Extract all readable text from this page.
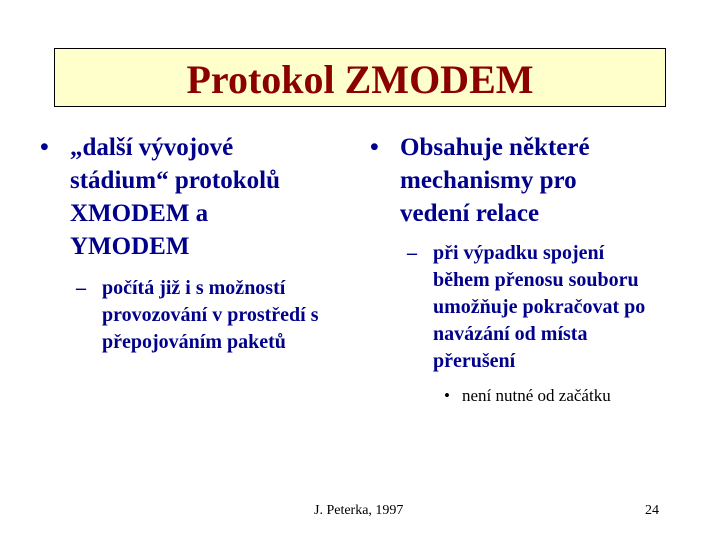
Protokol ZMODEM
• „další vývojové stádium“ protokolů XMODEM a YMODEM
– počítá již i s možností provozování v prostředí s přepojováním paketů
• Obsahuje některé mechanismy pro vedení relace
– při výpadku spojení během přenosu souboru umožňuje pokračovat po navázání od místa přerušení
• není nutné od začátku
J. Peterka, 1997	24
